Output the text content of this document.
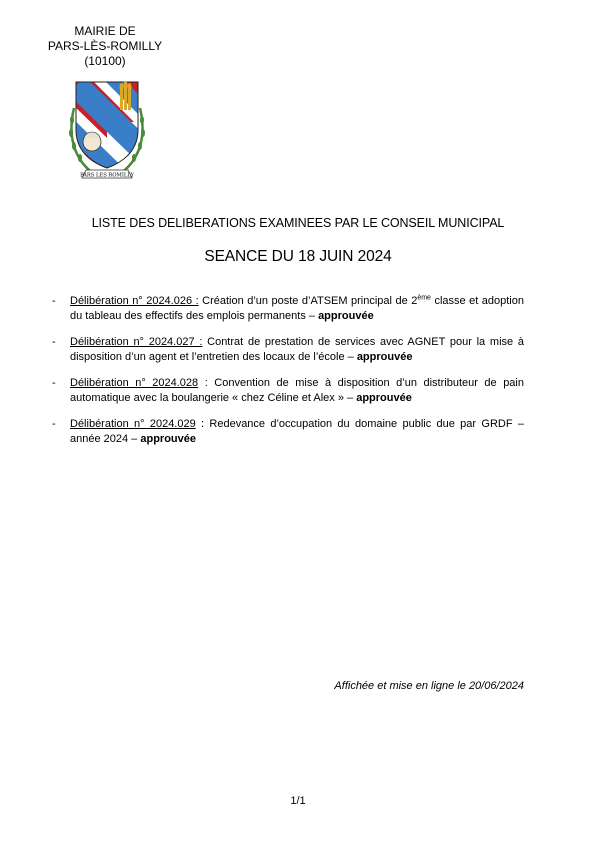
MAIRIE DE
PARS-LÈS-ROMILLY
(10100)
PARS LES ROMILLY
LISTE DES DELIBERATIONS EXAMINEES PAR LE CONSEIL MUNICIPAL
SEANCE DU 18 JUIN 2024
- Délibération n° 2024.026 : Création d’un poste d’ATSEM principal de 2ème classe et adoption du tableau des effectifs des emplois permanents – approuvée
- Délibération n° 2024.027 : Contrat de prestation de services avec AGNET pour la mise à disposition d’un agent et l’entretien des locaux de l’école – approuvée
- Délibération n° 2024.028 : Convention de mise à disposition d’un distributeur de pain automatique avec la boulangerie « chez Céline et Alex » – approuvée
- Délibération n° 2024.029 : Redevance d’occupation du domaine public due par GRDF – année 2024 – approuvée
Affichée et mise en ligne le 20/06/2024
1/1
